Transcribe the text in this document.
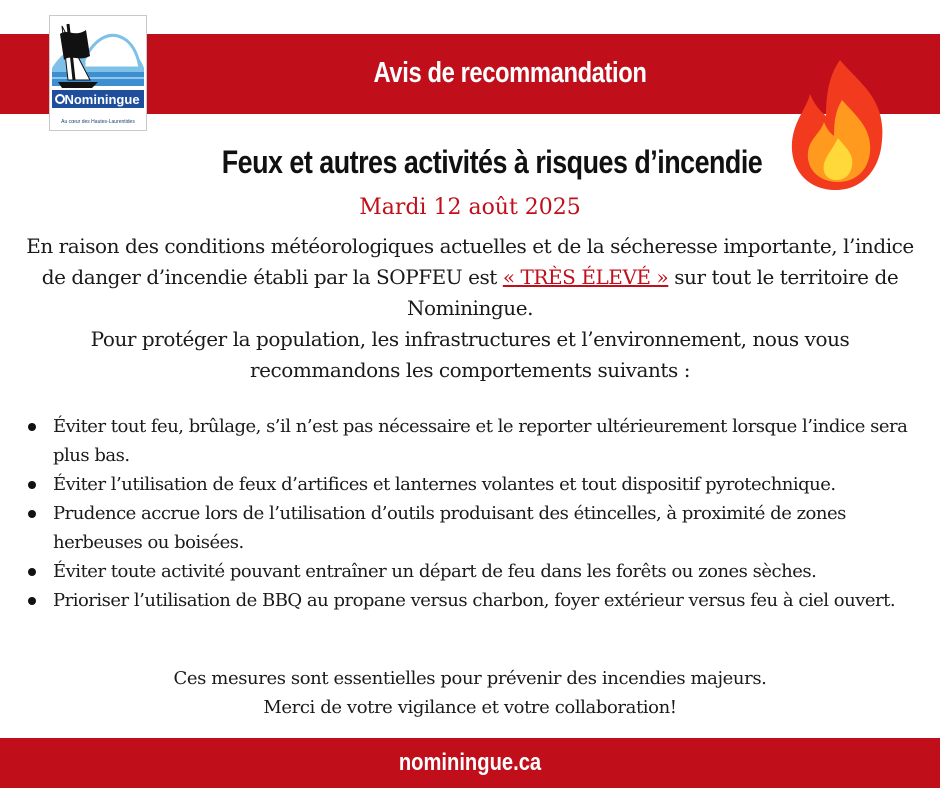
Avis de recommandation
Nominingue
Au cœur des Hautes-Laurentides
Feux et autres activités à risques d’incendie
Mardi 12 août 2025
En raison des conditions météorologiques actuelles et de la sécheresse importante, l’indice de danger d’incendie établi par la SOPFEU est « TRÈS ÉLEVÉ » sur tout le territoire de Nominingue.
Pour protéger la population, les infrastructures et l’environnement, nous vous recommandons les comportements suivants :
Éviter tout feu, brûlage, s’il n’est pas nécessaire et le reporter ultérieurement lorsque l’indice sera plus bas.
Éviter l’utilisation de feux d’artifices et lanternes volantes et tout dispositif pyrotechnique.
Prudence accrue lors de l’utilisation d’outils produisant des étincelles, à proximité de zones herbeuses ou boisées.
Éviter toute activité pouvant entraîner un départ de feu dans les forêts ou zones sèches.
Prioriser l’utilisation de BBQ au propane versus charbon, foyer extérieur versus feu à ciel ouvert.
Ces mesures sont essentielles pour prévenir des incendies majeurs.
Merci de votre vigilance et votre collaboration!
nominingue.ca
